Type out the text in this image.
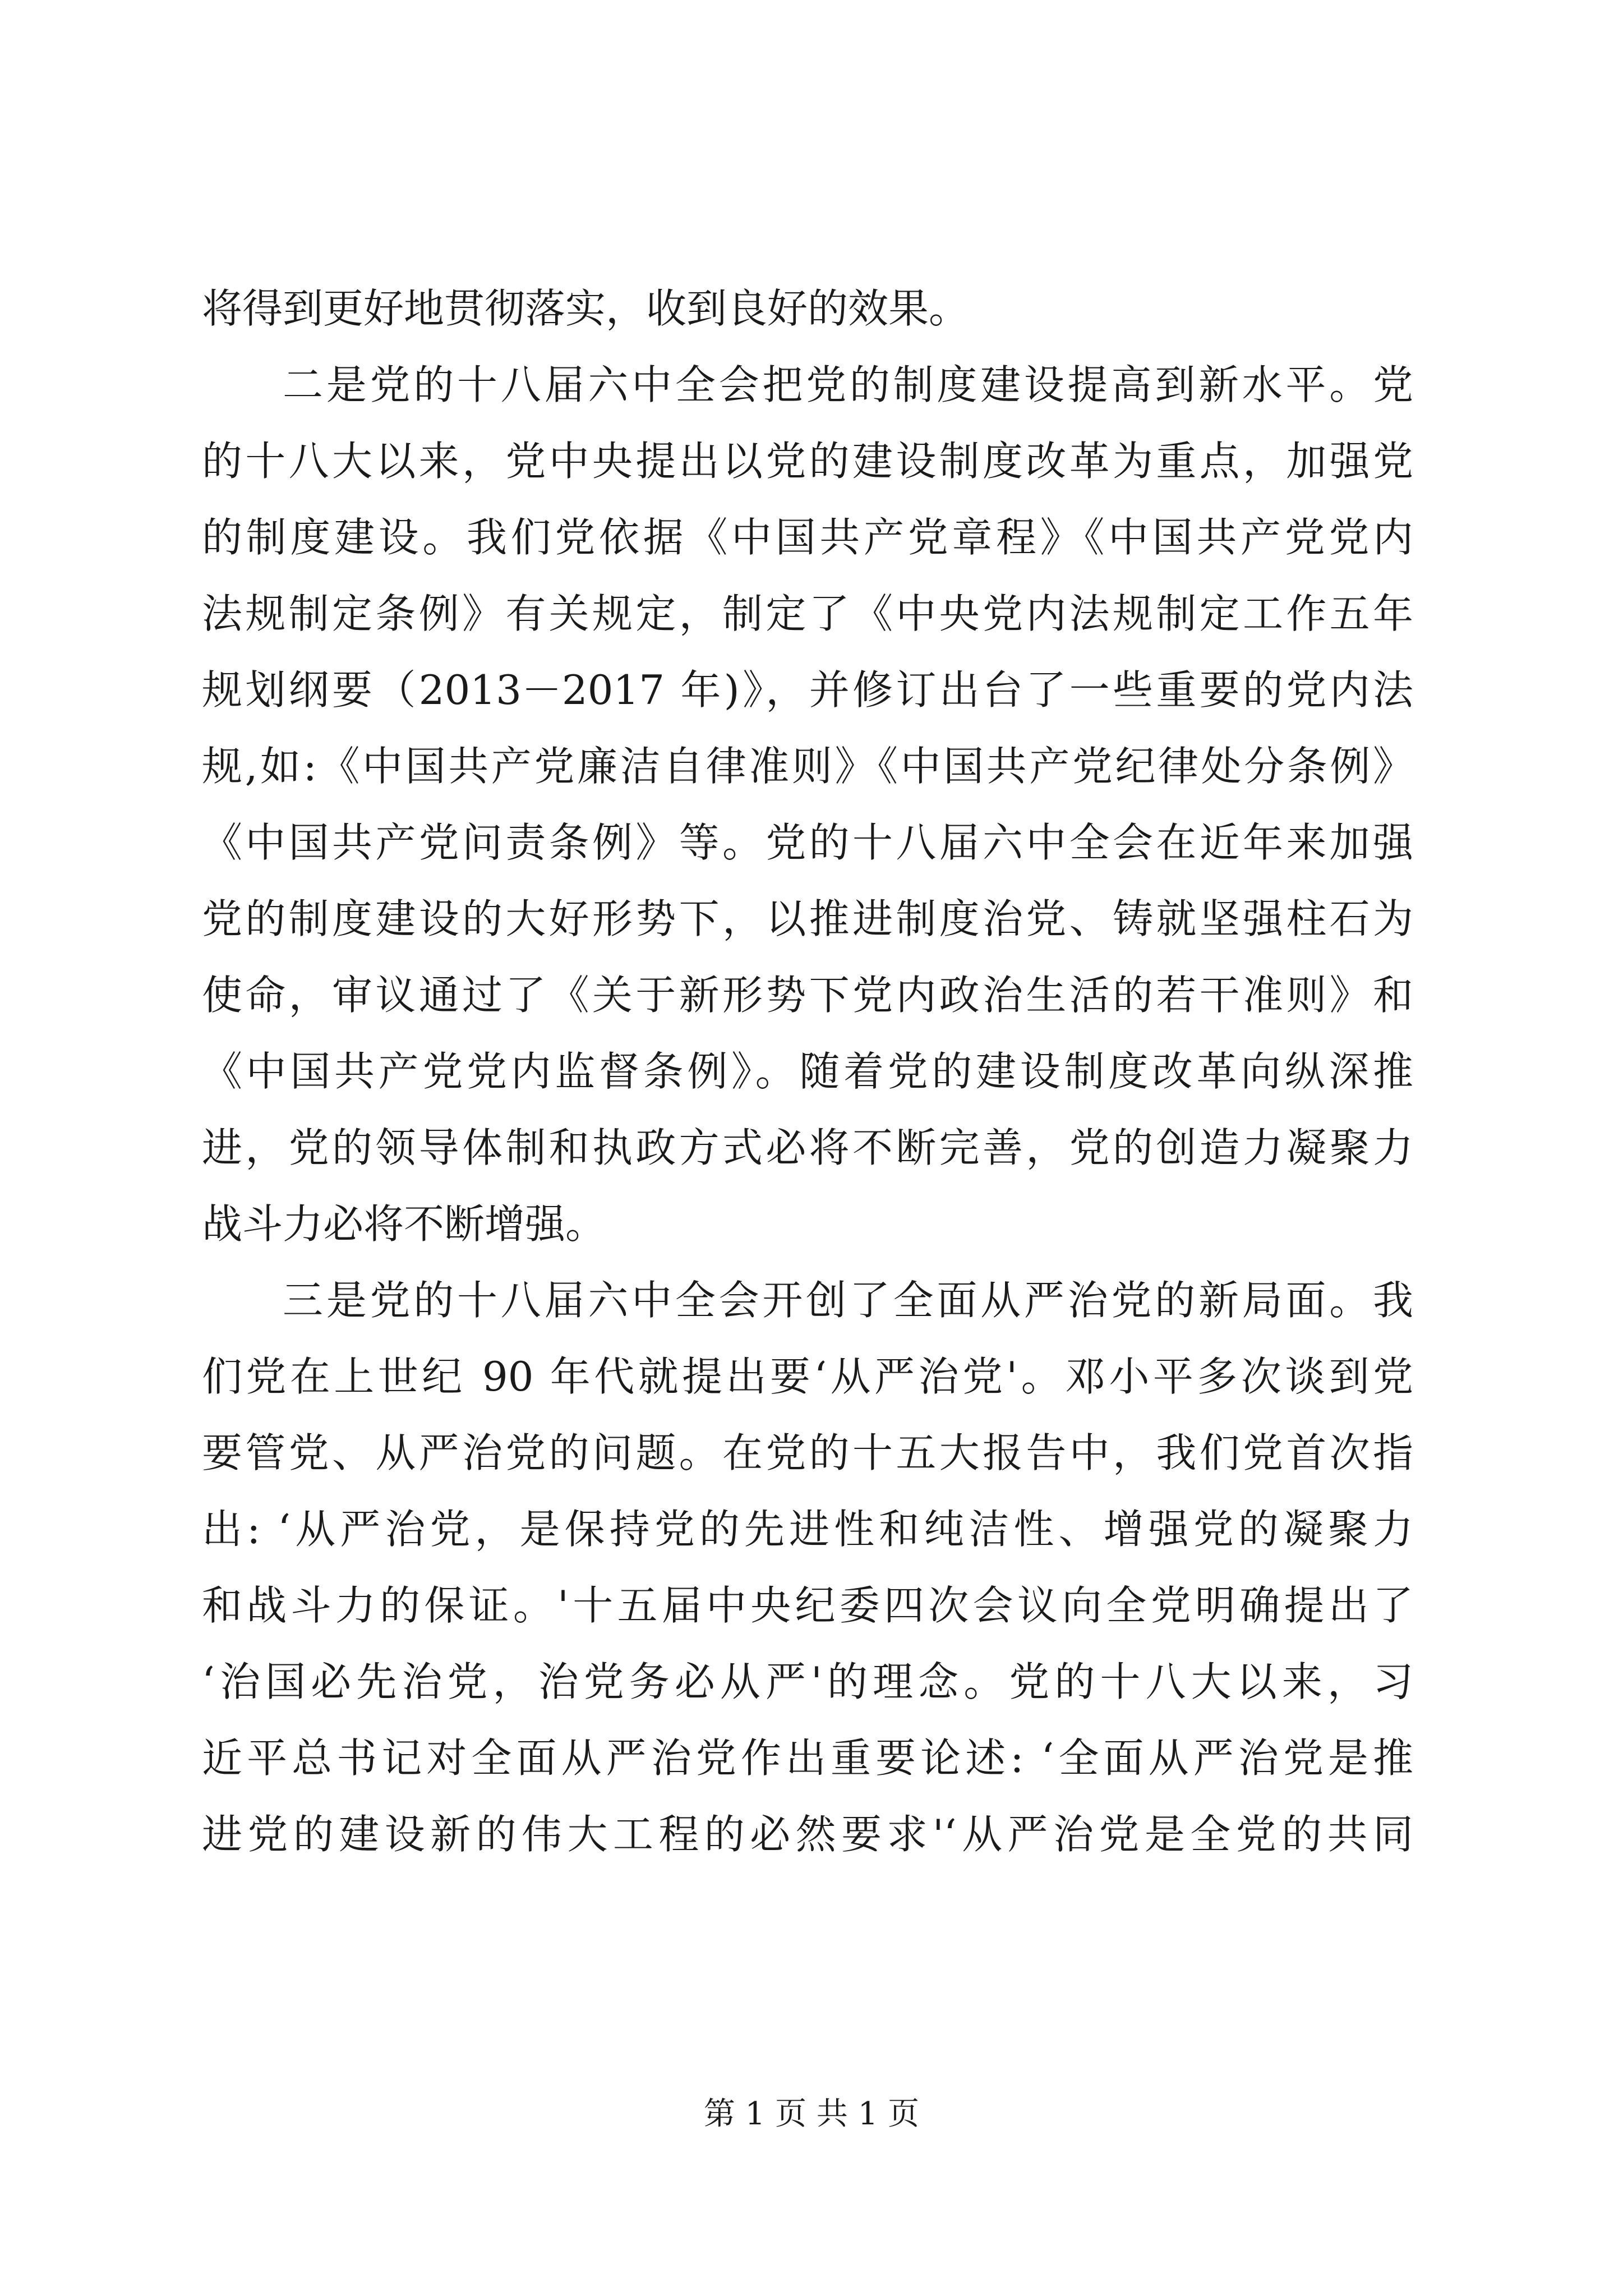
将得到更好地贯彻落实，收到良好的效果。
二是党的十八届六中全会把党的制度建设提高到新水平。党
的十八大以来，党中央提出以党的建设制度改革为重点，加强党
的制度建设。我们党依据《中国共产党章程》《中国共产党党内
法规制定条例》有关规定，制定了《中央党内法规制定工作五年
规划纲要（2013－2017 年)》，并修订出台了一些重要的党内法
规,如:《中国共产党廉洁自律准则》《中国共产党纪律处分条例》
《中国共产党问责条例》等。党的十八届六中全会在近年来加强
党的制度建设的大好形势下，以推进制度治党、铸就坚强柱石为
使命，审议通过了《关于新形势下党内政治生活的若干准则》和
《中国共产党党内监督条例》。随着党的建设制度改革向纵深推
进，党的领导体制和执政方式必将不断完善，党的创造力凝聚力
战斗力必将不断增强。
三是党的十八届六中全会开创了全面从严治党的新局面。我
们党在上世纪 90 年代就提出要‘从严治党'。邓小平多次谈到党
要管党、从严治党的问题。在党的十五大报告中，我们党首次指
出: ‘从严治党，是保持党的先进性和纯洁性、增强党的凝聚力
和战斗力的保证。'十五届中央纪委四次会议向全党明确提出了
‘治国必先治党，治党务必从严'的理念。党的十八大以来，习
近平总书记对全面从严治党作出重要论述: ‘全面从严治党是推
进党的建设新的伟大工程的必然要求'‘从严治党是全党的共同
第 1 页 共 1 页
